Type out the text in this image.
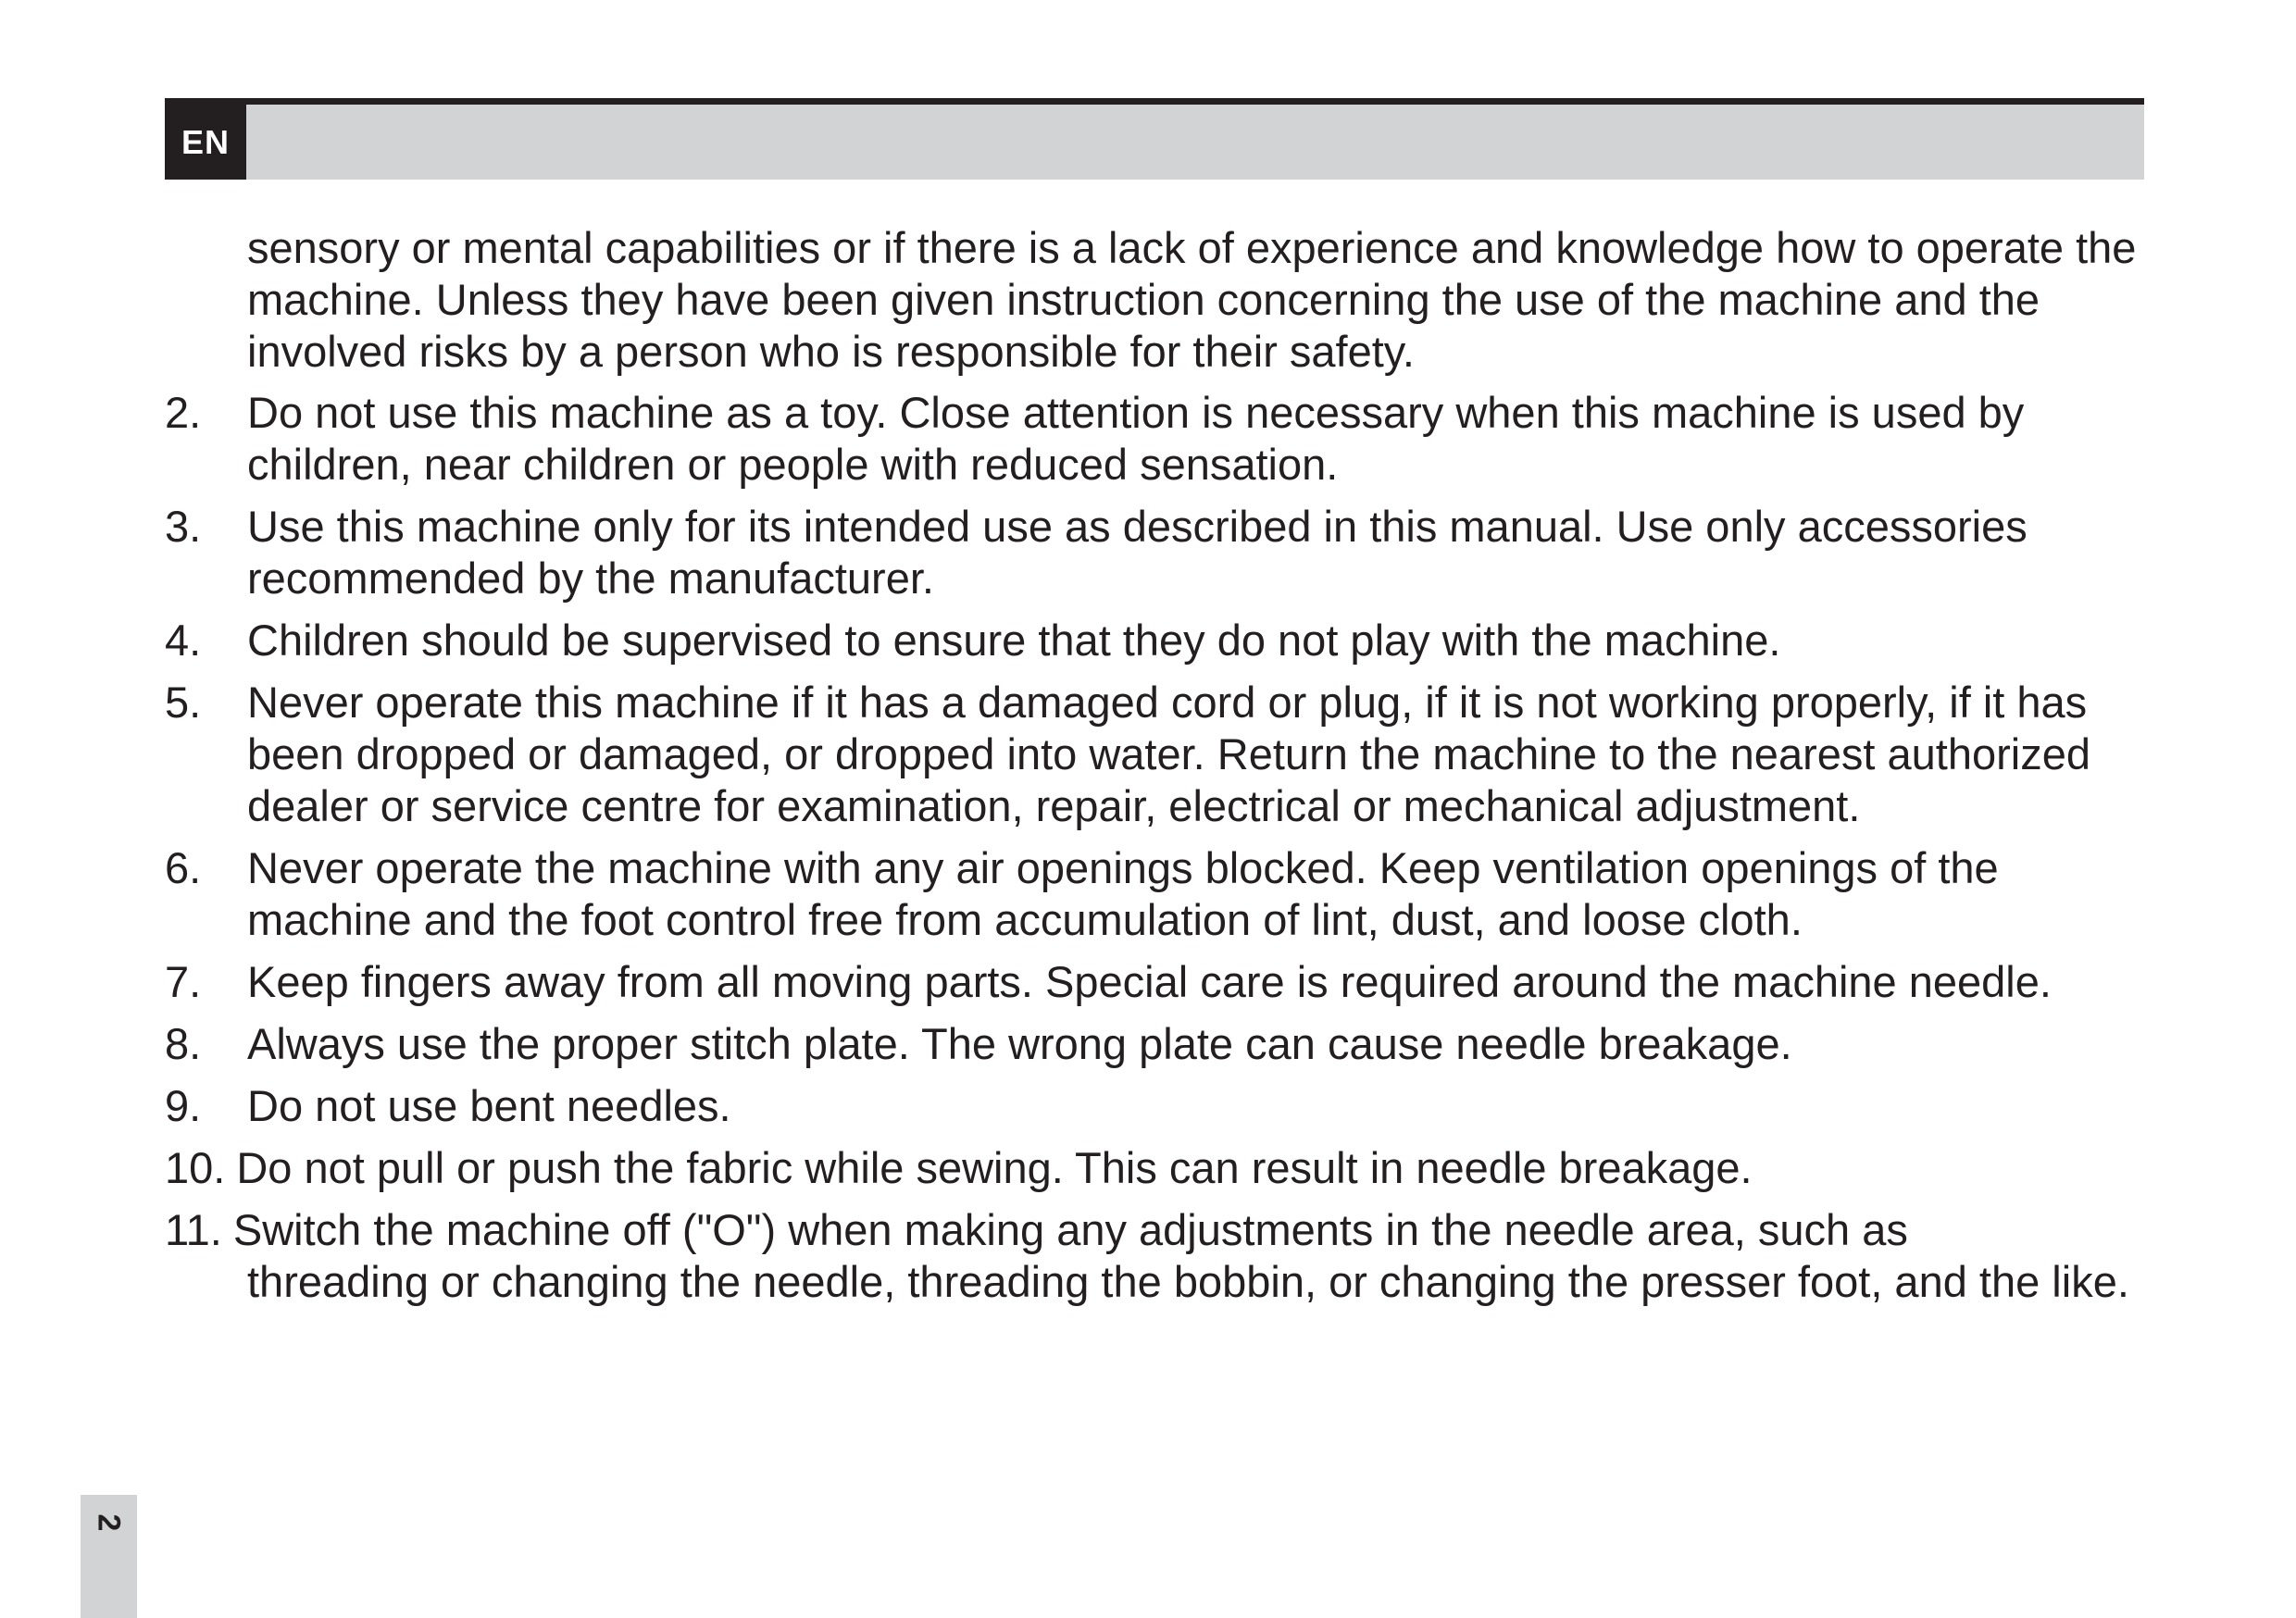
EN

sensory or mental capabilities or if there is a lack of experience and knowledge how to operate the machine. Unless they have been given instruction concerning the use of the machine and the involved risks by a person who is responsible for their safety.

2.	Do not use this machine as a toy. Close attention is necessary when this machine is used by children, near children or people with reduced sensation.
3.	Use this machine only for its intended use as described in this manual. Use only accessories recommended by the manufacturer.
4.	Children should be supervised to ensure that they do not play with the machine.
5.	Never operate this machine if it has a damaged cord or plug, if it is not working properly, if it has been dropped or damaged, or dropped into water. Return the machine to the nearest authorized dealer or service centre for examination, repair, electrical or mechanical adjustment.
6.	Never operate the machine with any air openings blocked. Keep ventilation openings of the machine and the foot control free from accumulation of lint, dust, and loose cloth.
7.	Keep fingers away from all moving parts. Special care is required around the machine needle.
8.	Always use the proper stitch plate. The wrong plate can cause needle breakage.
9.	Do not use bent needles.
10. Do not pull or push the fabric while sewing. This can result in needle breakage.
11. Switch the machine off ("O") when making any adjustments in the needle area, such as
threading or changing the needle, threading the bobbin, or changing the presser foot, and the like.
2
